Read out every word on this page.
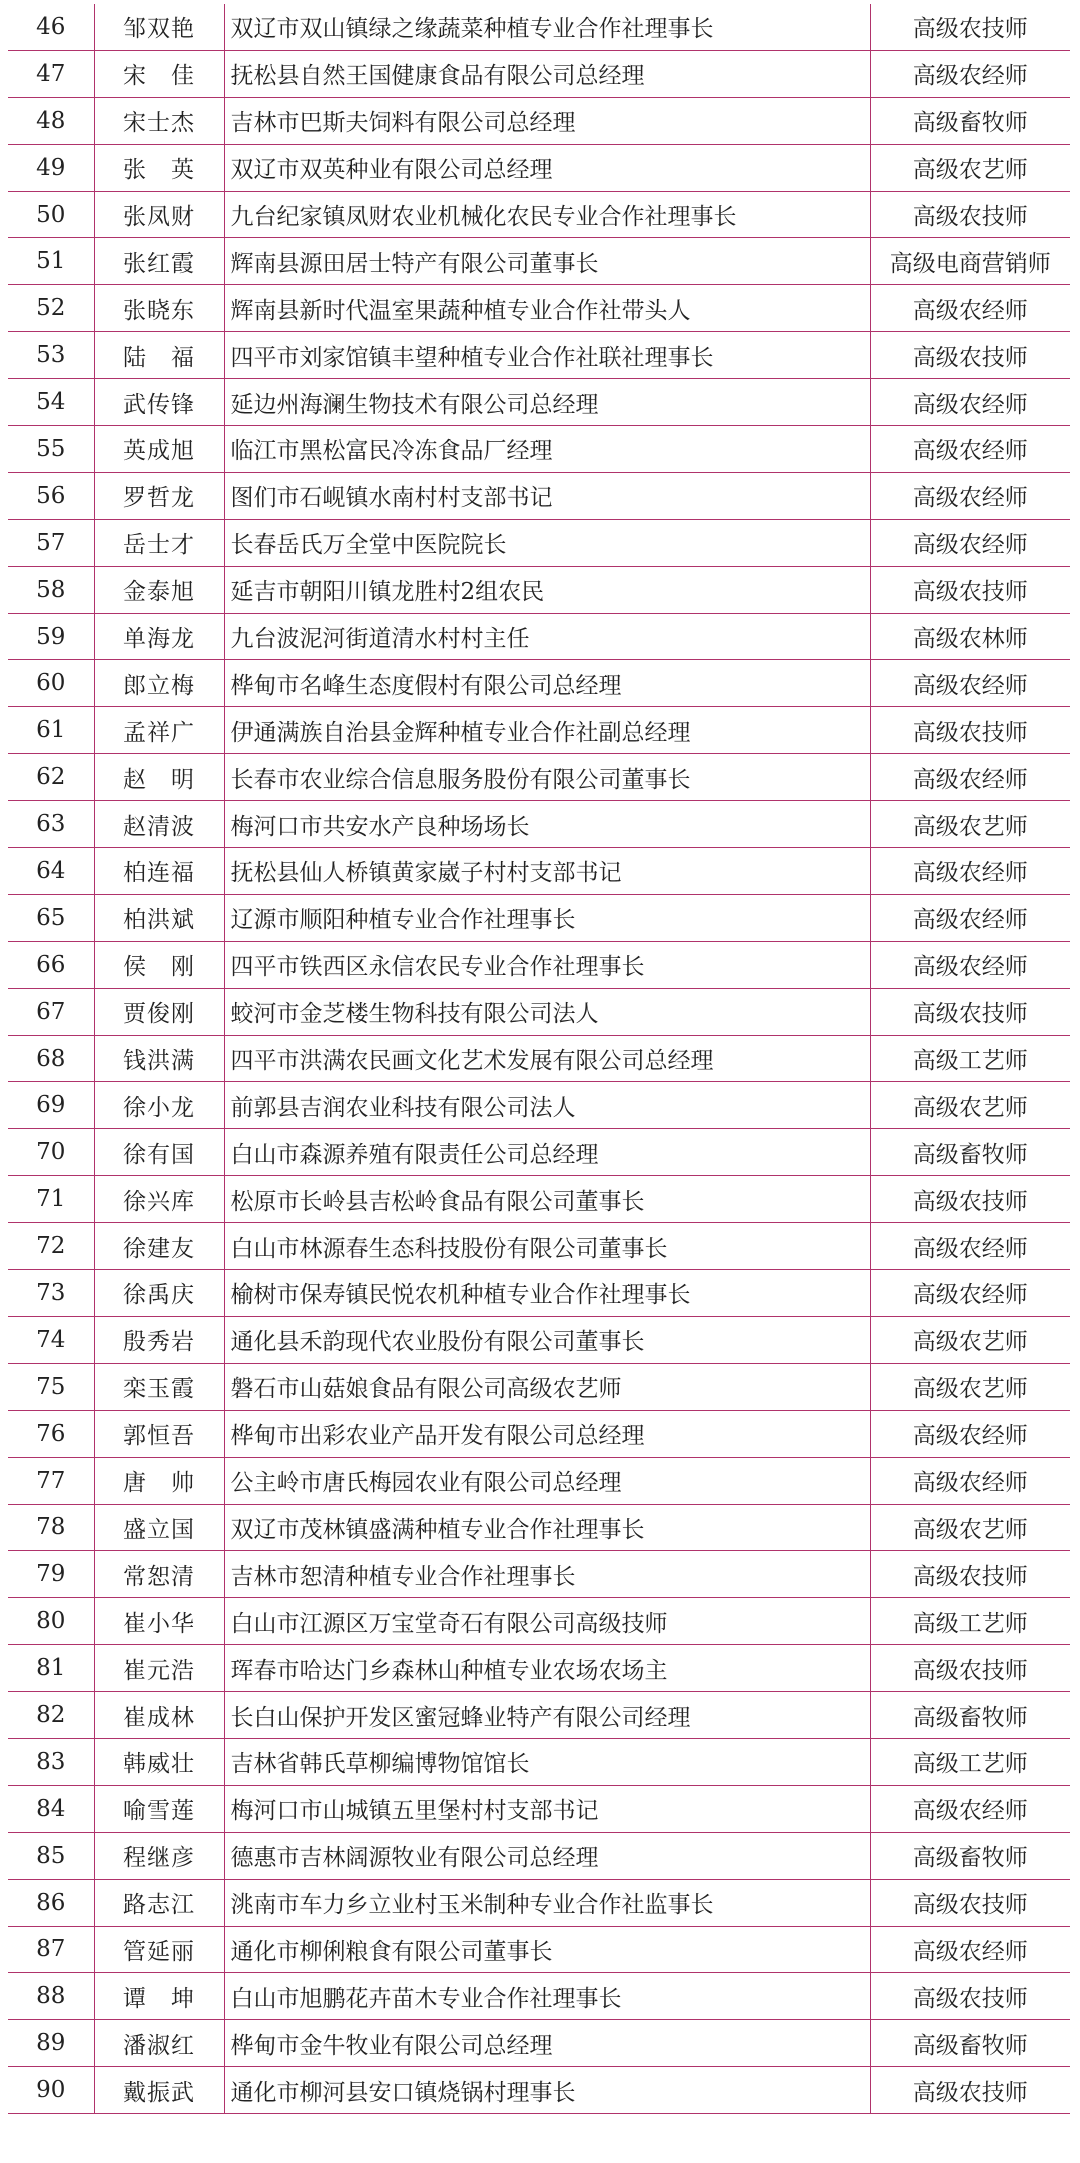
46	邹双艳	双辽市双山镇绿之缘蔬菜种植专业合作社理事长	高级农技师
47	宋　佳	抚松县自然王国健康食品有限公司总经理	高级农经师
48	宋士杰	吉林市巴斯夫饲料有限公司总经理	高级畜牧师
49	张　英	双辽市双英种业有限公司总经理	高级农艺师
50	张凤财	九台纪家镇凤财农业机械化农民专业合作社理事长	高级农技师
51	张红霞	辉南县源田居士特产有限公司董事长	高级电商营销师
52	张晓东	辉南县新时代温室果蔬种植专业合作社带头人	高级农经师
53	陆　福	四平市刘家馆镇丰望种植专业合作社联社理事长	高级农技师
54	武传锋	延边州海澜生物技术有限公司总经理	高级农经师
55	英成旭	临江市黑松富民冷冻食品厂经理	高级农经师
56	罗哲龙	图们市石岘镇水南村村支部书记	高级农经师
57	岳士才	长春岳氏万全堂中医院院长	高级农经师
58	金泰旭	延吉市朝阳川镇龙胜村2组农民	高级农技师
59	单海龙	九台波泥河街道清水村村主任	高级农林师
60	郎立梅	桦甸市名峰生态度假村有限公司总经理	高级农经师
61	孟祥广	伊通满族自治县金辉种植专业合作社副总经理	高级农技师
62	赵　明	长春市农业综合信息服务股份有限公司董事长	高级农经师
63	赵清波	梅河口市共安水产良种场场长	高级农艺师
64	柏连福	抚松县仙人桥镇黄家崴子村村支部书记	高级农经师
65	柏洪斌	辽源市顺阳种植专业合作社理事长	高级农经师
66	侯　刚	四平市铁西区永信农民专业合作社理事长	高级农经师
67	贾俊刚	蛟河市金芝楼生物科技有限公司法人	高级农技师
68	钱洪满	四平市洪满农民画文化艺术发展有限公司总经理	高级工艺师
69	徐小龙	前郭县吉润农业科技有限公司法人	高级农艺师
70	徐有国	白山市森源养殖有限责任公司总经理	高级畜牧师
71	徐兴库	松原市长岭县吉松岭食品有限公司董事长	高级农技师
72	徐建友	白山市林源春生态科技股份有限公司董事长	高级农经师
73	徐禹庆	榆树市保寿镇民悦农机种植专业合作社理事长	高级农经师
74	殷秀岩	通化县禾韵现代农业股份有限公司董事长	高级农艺师
75	栾玉霞	磐石市山菇娘食品有限公司高级农艺师	高级农艺师
76	郭恒吾	桦甸市出彩农业产品开发有限公司总经理	高级农经师
77	唐　帅	公主岭市唐氏梅园农业有限公司总经理	高级农经师
78	盛立国	双辽市茂林镇盛满种植专业合作社理事长	高级农艺师
79	常恕清	吉林市恕清种植专业合作社理事长	高级农技师
80	崔小华	白山市江源区万宝堂奇石有限公司高级技师	高级工艺师
81	崔元浩	珲春市哈达门乡森林山种植专业农场农场主	高级农技师
82	崔成林	长白山保护开发区蜜冠蜂业特产有限公司经理	高级畜牧师
83	韩威壮	吉林省韩氏草柳编博物馆馆长	高级工艺师
84	喻雪莲	梅河口市山城镇五里堡村村支部书记	高级农经师
85	程继彦	德惠市吉林阔源牧业有限公司总经理	高级畜牧师
86	路志江	洮南市车力乡立业村玉米制种专业合作社监事长	高级农技师
87	管延丽	通化市柳俐粮食有限公司董事长	高级农经师
88	谭　坤	白山市旭鹏花卉苗木专业合作社理事长	高级农技师
89	潘淑红	桦甸市金牛牧业有限公司总经理	高级畜牧师
90	戴振武	通化市柳河县安口镇烧锅村理事长	高级农技师
